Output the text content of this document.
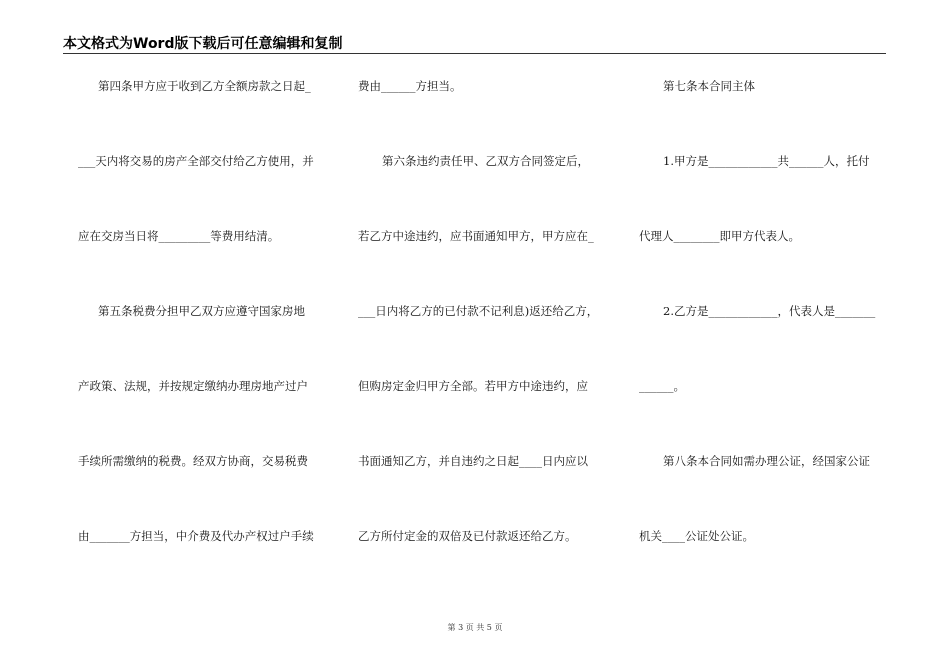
本文格式为Word版下载后可任意编辑和复制
第四条甲方应于收到乙方全额房款之日起_
___天内将交易的房产全部交付给乙方使用，并
应在交房当日将_________等费用结清。
第五条税费分担甲乙双方应遵守国家房地
产政策、法规，并按规定缴纳办理房地产过户
手续所需缴纳的税费。经双方协商，交易税费
由_______方担当，中介费及代办产权过户手续
费由______方担当。
第六条违约责任甲、乙双方合同签定后，
若乙方中途违约，应书面通知甲方，甲方应在_
___日内将乙方的已付款不记利息)返还给乙方，
但购房定金归甲方全部。若甲方中途违约，应
书面通知乙方，并自违约之日起____日内应以
乙方所付定金的双倍及已付款返还给乙方。
第七条本合同主体
1.甲方是____________共______人，托付
代理人________即甲方代表人。
2.乙方是____________，代表人是_______
______。
第八条本合同如需办理公证，经国家公证
机关____公证处公证。
第 3 页 共 5 页
